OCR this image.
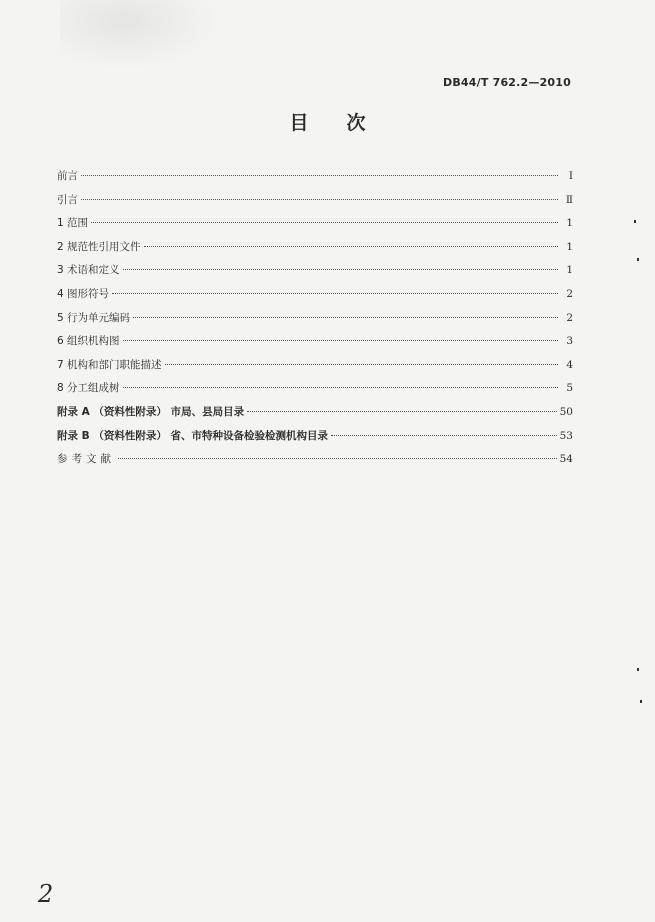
DB44/T 762.2—2010
目　　次
前言	Ⅰ
引言	Ⅱ
1 范围	1
2 规范性引用文件	1
3 术语和定义	1
4 图形符号	2
5 行为单元编码	2
6 组织机构图	3
7 机构和部门职能描述	4
8 分工组成树	5
附录 A （资料性附录） 市局、县局目录	50
附录 B （资料性附录） 省、市特种设备检验检测机构目录	53
参考文献	54
2
